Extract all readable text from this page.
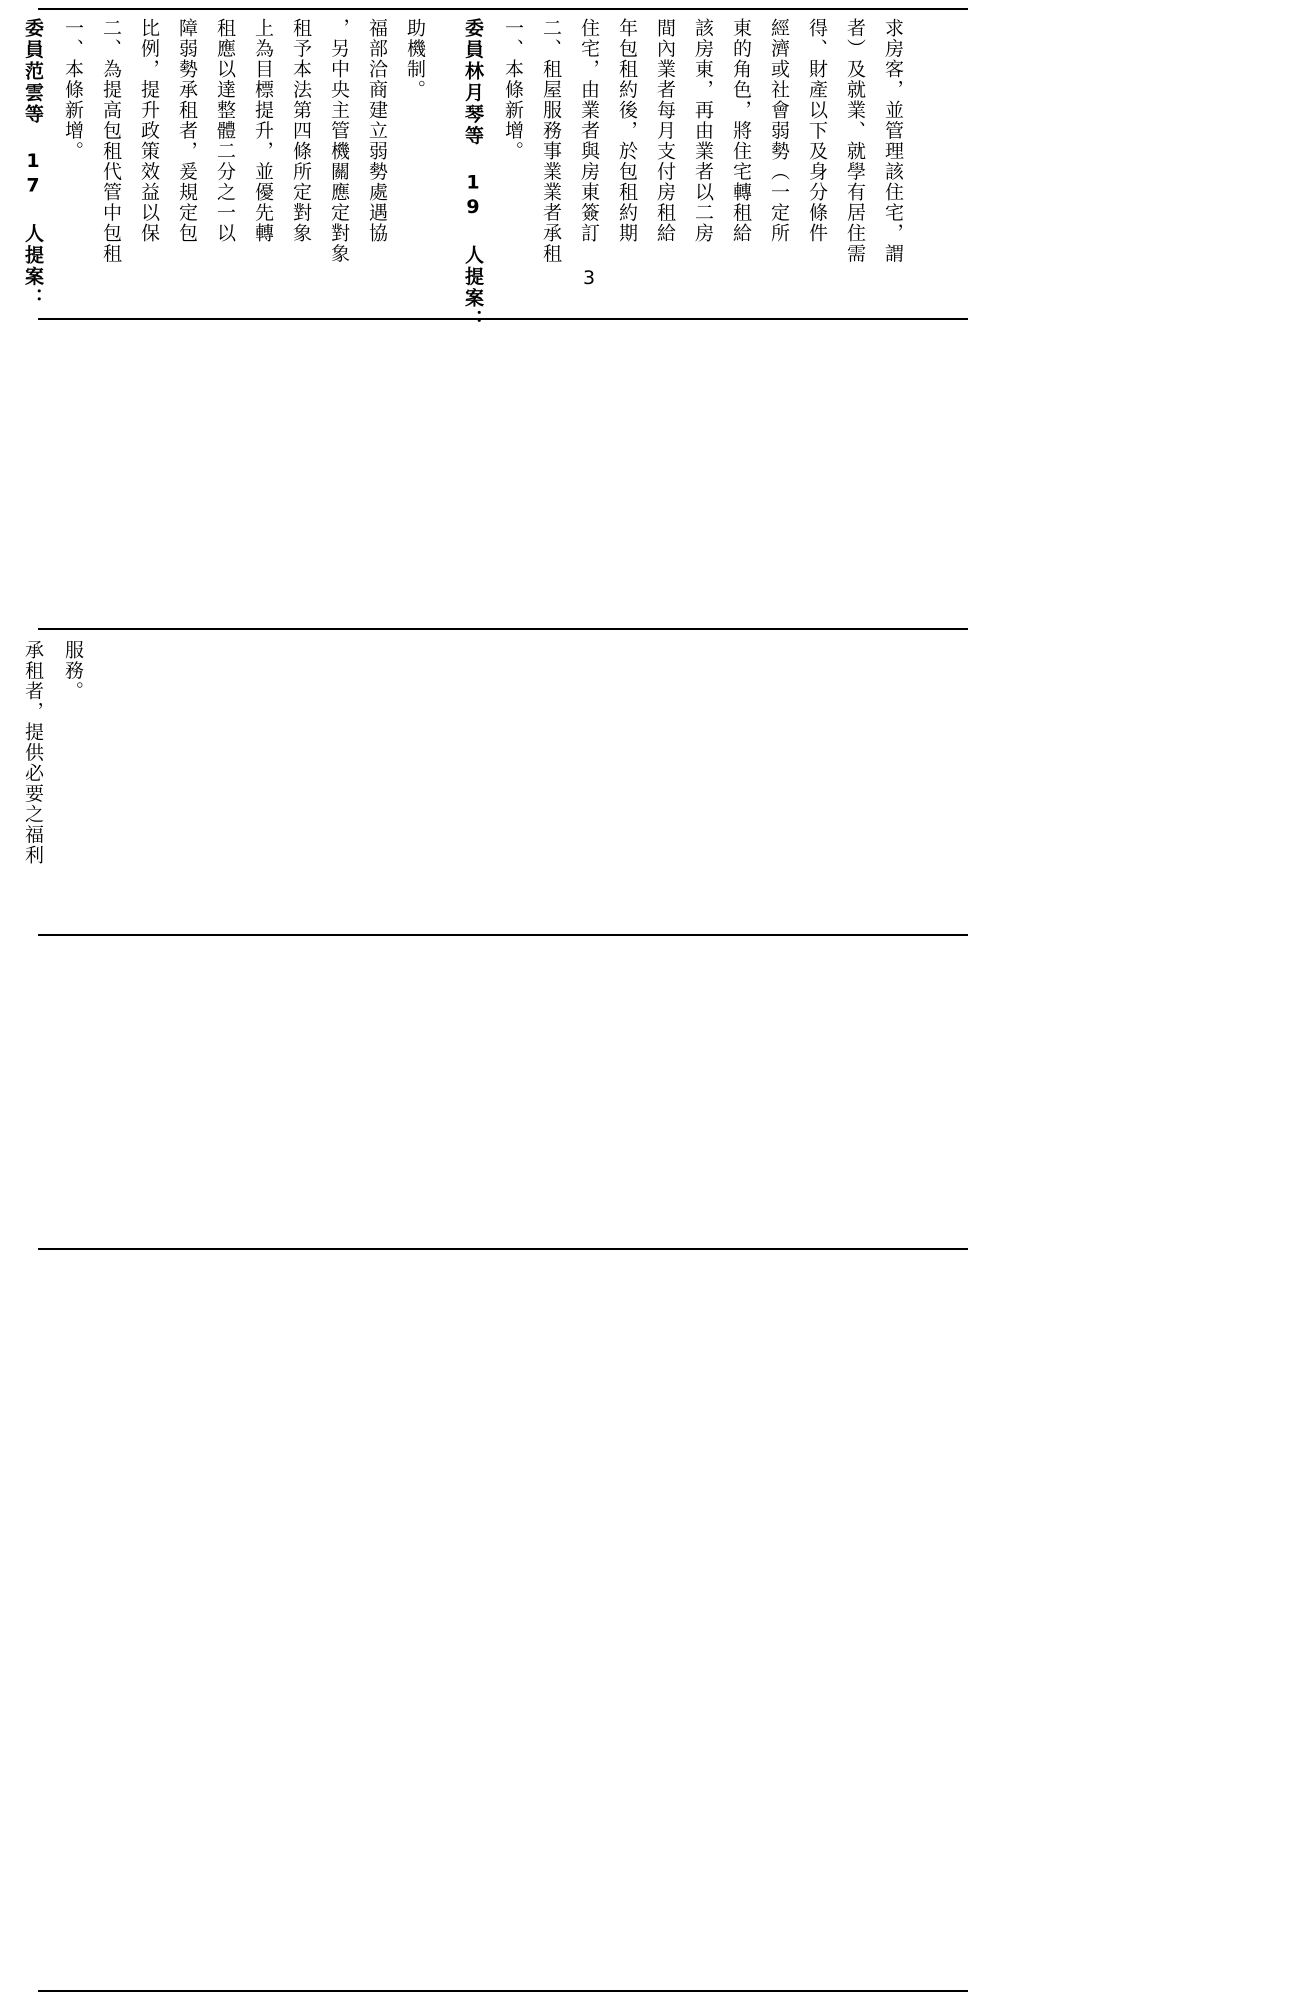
委員范雲等 17 人提案： 一、本條新增。 二、為提高包租代管中包租 比例，提升政策效益以保 障弱勢承租者，爰規定包 租應以達整體二分之一以 上為目標提升，並優先轉 租予本法第四條所定對象 ，另中央主管機關應定對象 福部洽商建立弱勢處遇協 助機制。 委員林月琴等 19 人提案： 一、本條新增。 二、租屋服務事業業者承租 住宅，由業者與房東簽訂 3 年包租約後，於包租約期 間內業者每月支付房租給 該房東，再由業者以二房 東的角色，將住宅轉租給 經濟或社會弱勢（一定所 得、財產以下及身分條件 者）及就業、就學有居住需 求房客，並管理該住宅，謂
承租者，提供必要之福利 服務。
